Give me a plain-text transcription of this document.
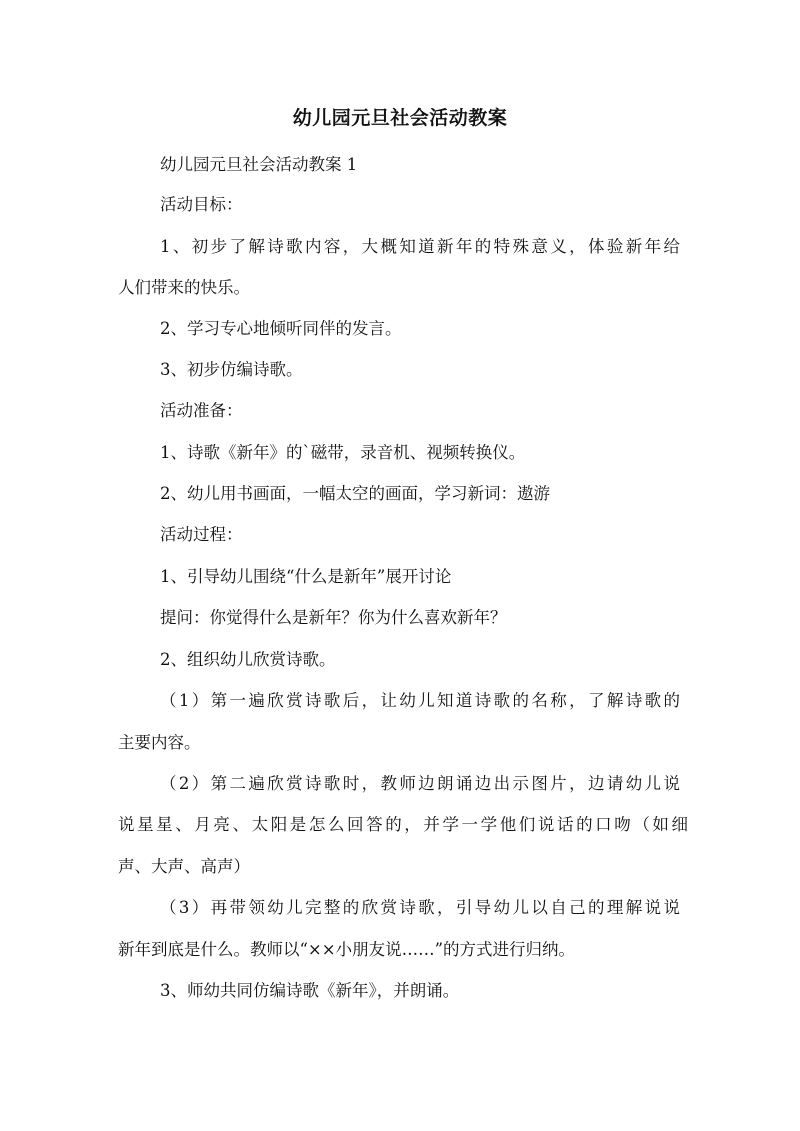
幼儿园元旦社会活动教案
幼儿园元旦社会活动教案 1
活动目标：
1、初步了解诗歌内容，大概知道新年的特殊意义，体验新年给
人们带来的快乐。
2、学习专心地倾听同伴的发言。
3、初步仿编诗歌。
活动准备：
1、诗歌《新年》的`磁带，录音机、视频转换仪。
2、幼儿用书画面，一幅太空的画面，学习新词：遨游
活动过程：
1、引导幼儿围绕“什么是新年”展开讨论
提问：你觉得什么是新年？你为什么喜欢新年？
2、组织幼儿欣赏诗歌。
（1）第一遍欣赏诗歌后，让幼儿知道诗歌的名称，了解诗歌的
主要内容。
（2）第二遍欣赏诗歌时，教师边朗诵边出示图片，边请幼儿说
说星星、月亮、太阳是怎么回答的，并学一学他们说话的口吻（如细
声、大声、高声）
（3）再带领幼儿完整的欣赏诗歌，引导幼儿以自己的理解说说
新年到底是什么。教师以“××小朋友说……”的方式进行归纳。
3、师幼共同仿编诗歌《新年》，并朗诵。
